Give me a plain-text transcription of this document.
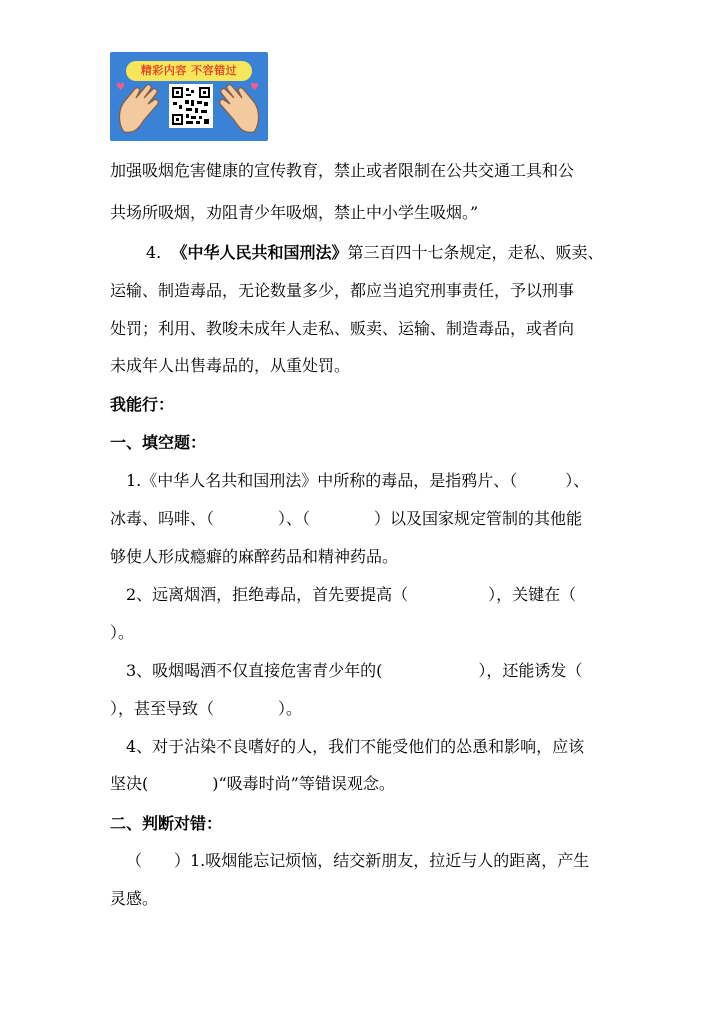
精彩内容 不容错过
♥	♥
加强吸烟危害健康的宣传教育，禁止或者限制在公共交通工具和公
共场所吸烟，劝阻青少年吸烟，禁止中小学生吸烟。”
4. 《中华人民共和国刑法》第三百四十七条规定，走私、贩卖、
运输、制造毒品，无论数量多少，都应当追究刑事责任，予以刑事
处罚；利用、教唆未成年人走私、贩卖、运输、制造毒品，或者向
未成年人出售毒品的，从重处罚。
我能行：
一、填空题：
1.《中华人名共和国刑法》中所称的毒品，是指鸦片、（　　　）、
冰毒、吗啡、（　　　　）、（　　　　）以及国家规定管制的其他能
够使人形成瘾癖的麻醉药品和精神药品。
2、远离烟酒，拒绝毒品，首先要提高（　　　　　），关键在（
）。
3、吸烟喝酒不仅直接危害青少年的(　　　　　　），还能诱发（
），甚至导致（　　　　）。
4、对于沾染不良嗜好的人，我们不能受他们的怂恿和影响，应该
坚决(　　　　)“吸毒时尚”等错误观念。
二、判断对错：
（　　）1.吸烟能忘记烦恼，结交新朋友，拉近与人的距离，产生
灵感。
